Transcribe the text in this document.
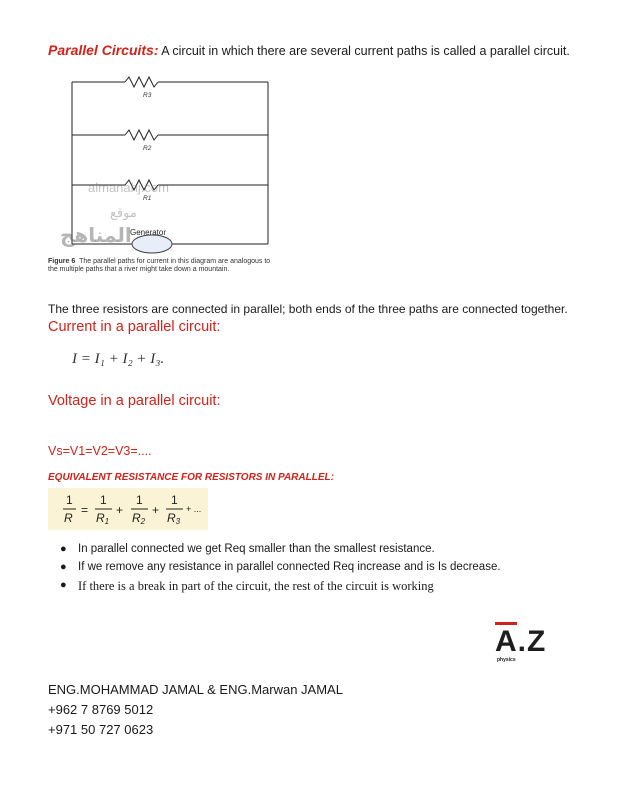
Parallel Circuits: A circuit in which there are several current paths is called a parallel circuit.
R3
R2
R1
Generator
almanahj.com
موقع
المناهج
Figure 6 The parallel paths for current in this diagram are analogous to the multiple paths that a river might take down a mountain.
The three resistors are connected in parallel; both ends of the three paths are connected together.
Current in a parallel circuit:
I = I₁ + I₂ + I₃.
Voltage in a parallel circuit:
Vs=V1=V2=V3=....
EQUIVALENT RESISTANCE FOR RESISTORS IN PARALLEL:
1
R
=
1
R1
+
1
R2
+
1
R3
+ ...
● In parallel connected we get Req smaller than the smallest resistance.
● If we remove any resistance in parallel connected Req increase and is Is decrease.
● If there is a break in part of the circuit, the rest of the circuit is working
A.Z
physics
ENG.MOHAMMAD JAMAL & ENG.Marwan JAMAL
+962 7 8769 5012
+971 50 727 0623
